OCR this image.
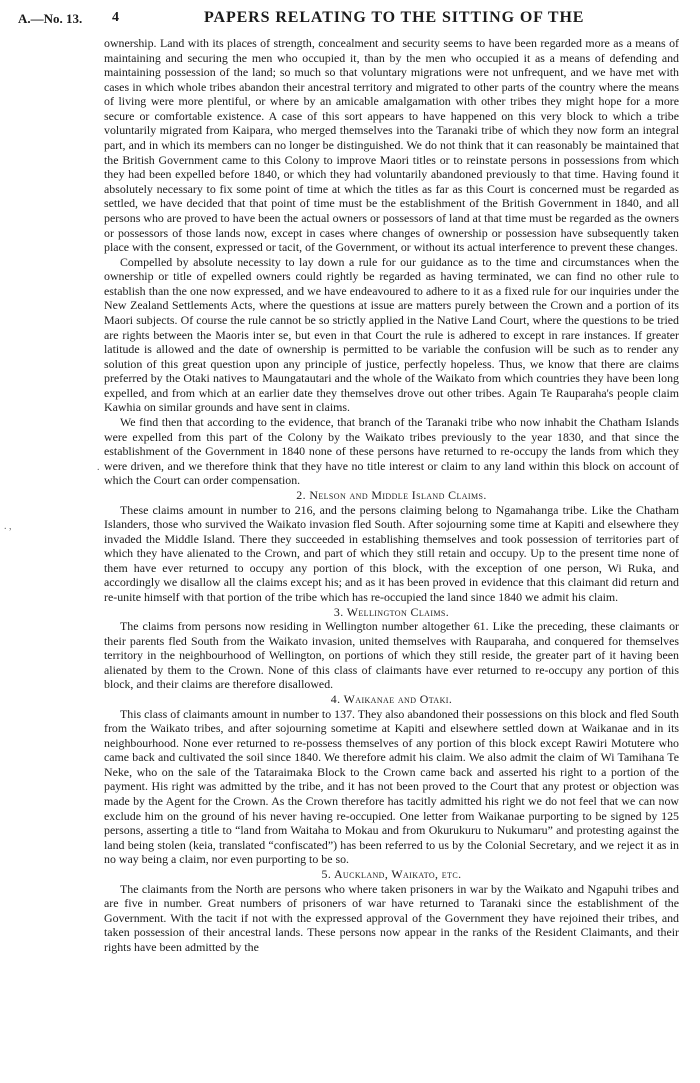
A.—No. 13. 4	PAPERS RELATING TO THE SITTING OF THE
. ,
.

ownership. Land with its places of strength, concealment and security seems to have been regarded more as a means of maintaining and securing the men who occupied it, than by the men who occupied it as a means of defending and maintaining possession of the land; so much so that voluntary migrations were not unfrequent, and we have met with cases in which whole tribes abandon their ancestral territory and migrated to other parts of the country where the means of living were more plentiful, or where by an amicable amalgamation with other tribes they might hope for a more secure or comfortable existence. A case of this sort appears to have happened on this very block to which a tribe voluntarily migrated from Kaipara, who merged themselves into the Taranaki tribe of which they now form an integral part, and in which its members can no longer be distinguished. We do not think that it can reasonably be maintained that the British Government came to this Colony to improve Maori titles or to reinstate persons in possessions from which they had been expelled before 1840, or which they had voluntarily abandoned previously to that time. Having found it absolutely necessary to fix some point of time at which the titles as far as this Court is concerned must be regarded as settled, we have decided that that point of time must be the establishment of the British Government in 1840, and all persons who are proved to have been the actual owners or possessors of land at that time must be regarded as the owners or possessors of those lands now, except in cases where changes of ownership or possession have subsequently taken place with the consent, expressed or tacit, of the Government, or without its actual interference to prevent these changes.

Compelled by absolute necessity to lay down a rule for our guidance as to the time and circumstances when the ownership or title of expelled owners could rightly be regarded as having terminated, we can find no other rule to establish than the one now expressed, and we have endeavoured to adhere to it as a fixed rule for our inquiries under the New Zealand Settlements Acts, where the questions at issue are matters purely between the Crown and a portion of its Maori subjects. Of course the rule cannot be so strictly applied in the Native Land Court, where the questions to be tried are rights between the Maoris inter se, but even in that Court the rule is adhered to except in rare instances. If greater latitude is allowed and the date of ownership is permitted to be variable the confusion will be such as to render any solution of this great question upon any principle of justice, perfectly hopeless. Thus, we know that there are claims preferred by the Otaki natives to Maungatautari and the whole of the Waikato from which countries they have been long expelled, and from which at an earlier date they themselves drove out other tribes. Again Te Rauparaha's people claim Kawhia on similar grounds and have sent in claims.

We find then that according to the evidence, that branch of the Taranaki tribe who now inhabit the Chatham Islands were expelled from this part of the Colony by the Waikato tribes previously to the year 1830, and that since the establishment of the Government in 1840 none of these persons have returned to re-occupy the lands from which they were driven, and we therefore think that they have no title interest or claim to any land within this block on account of which the Court can order compensation.

2. Nelson and Middle Island Claims.

These claims amount in number to 216, and the persons claiming belong to Ngamahanga tribe. Like the Chatham Islanders, those who survived the Waikato invasion fled South. After sojourning some time at Kapiti and elsewhere they invaded the Middle Island. There they succeeded in establishing themselves and took possession of territories part of which they have alienated to the Crown, and part of which they still retain and occupy. Up to the present time none of them have ever returned to occupy any portion of this block, with the exception of one person, Wi Ruka, and accordingly we disallow all the claims except his; and as it has been proved in evidence that this claimant did return and re-unite himself with that portion of the tribe which has re-occupied the land since 1840 we admit his claim.

3. Wellington Claims.

The claims from persons now residing in Wellington number altogether 61. Like the preceding, these claimants or their parents fled South from the Waikato invasion, united themselves with Rauparaha, and conquered for themselves territory in the neighbourhood of Wellington, on portions of which they still reside, the greater part of it having been alienated by them to the Crown. None of this class of claimants have ever returned to re-occupy any portion of this block, and their claims are therefore disallowed.

4. Waikanae and Otaki.

This class of claimants amount in number to 137. They also abandoned their possessions on this block and fled South from the Waikato tribes, and after sojourning sometime at Kapiti and elsewhere settled down at Waikanae and in its neighbourhood. None ever returned to re-possess themselves of any portion of this block except Rawiri Motutere who came back and cultivated the soil since 1840. We therefore admit his claim. We also admit the claim of Wi Tamihana Te Neke, who on the sale of the Tataraimaka Block to the Crown came back and asserted his right to a portion of the payment. His right was admitted by the tribe, and it has not been proved to the Court that any protest or objection was made by the Agent for the Crown. As the Crown therefore has tacitly admitted his right we do not feel that we can now exclude him on the ground of his never having re-occupied. One letter from Waikanae purporting to be signed by 125 persons, asserting a title to “land from Waitaha to Mokau and from Okurukuru to Nukumaru” and protesting against the land being stolen (keia, translated “confiscated”) has been referred to us by the Colonial Secretary, and we reject it as in no way being a claim, nor even purporting to be so.

5. Auckland, Waikato, etc.

The claimants from the North are persons who where taken prisoners in war by the Waikato and Ngapuhi tribes and are five in number. Great numbers of prisoners of war have returned to Taranaki since the establishment of the Government. With the tacit if not with the expressed approval of the Government they have rejoined their tribes, and taken possession of their ancestral lands. These persons now appear in the ranks of the Resident Claimants, and their rights have been admitted by the
